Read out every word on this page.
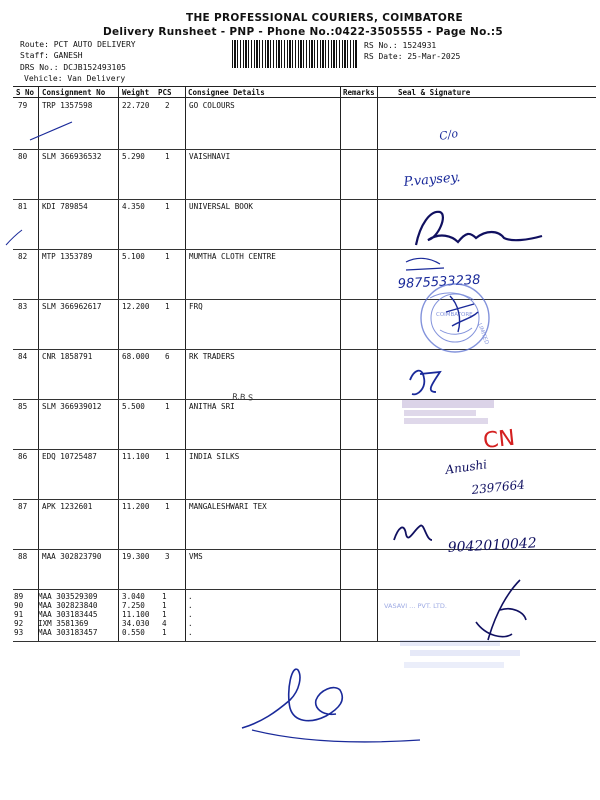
THE PROFESSIONAL COURIERS, COIMBATORE
Delivery Runsheet - PNP - Phone No.:0422-3505555 - Page No.:5
Route: PCT AUTO DELIVERY
Staff: GANESH
DRS No.: DCJB152493105
Vehicle: Van Delivery
RS No.: 1524931
RS Date: 25-Mar-2025
S No Consignment No Weight PCS Consignee Details	Remarks	Seal & Signature
79 TRP 1357598	22.720 2	GO COLOURS
80 SLM 366936532	5.290	1	VAISHNAVI
81 KDI 789854	4.350	1	UNIVERSAL BOOK
82 MTP 1353789	5.100	1	MUMTHA CLOTH CENTRE
83 SLM 366962617	12.200 1	FRQ
84 CNR 1858791	68.000 6	RK TRADERS
85 SLM 366939012	5.500	1	ANITHA SRI
86 EDQ 10725487	11.100 1	INDIA SILKS
87 APK 1232601	11.200 1	MANGALESHWARI TEX
88 MAA 302823790	19.300 3	VMS
89 MAA 303529309	3.040 1	.
90 MAA 302823840	7.250 1	.
91 MAA 303183445	11.100 1	.
92 IXM 3581369	34.030 4	.
93 MAA 303183457	0.550 1	.
C/o
P.vaysey.
9875533238
COIMBATORE
LIMITED
R.B.S
CN
Anushi
2397664
9042010042
VASAVI ... PVT. LTD.
